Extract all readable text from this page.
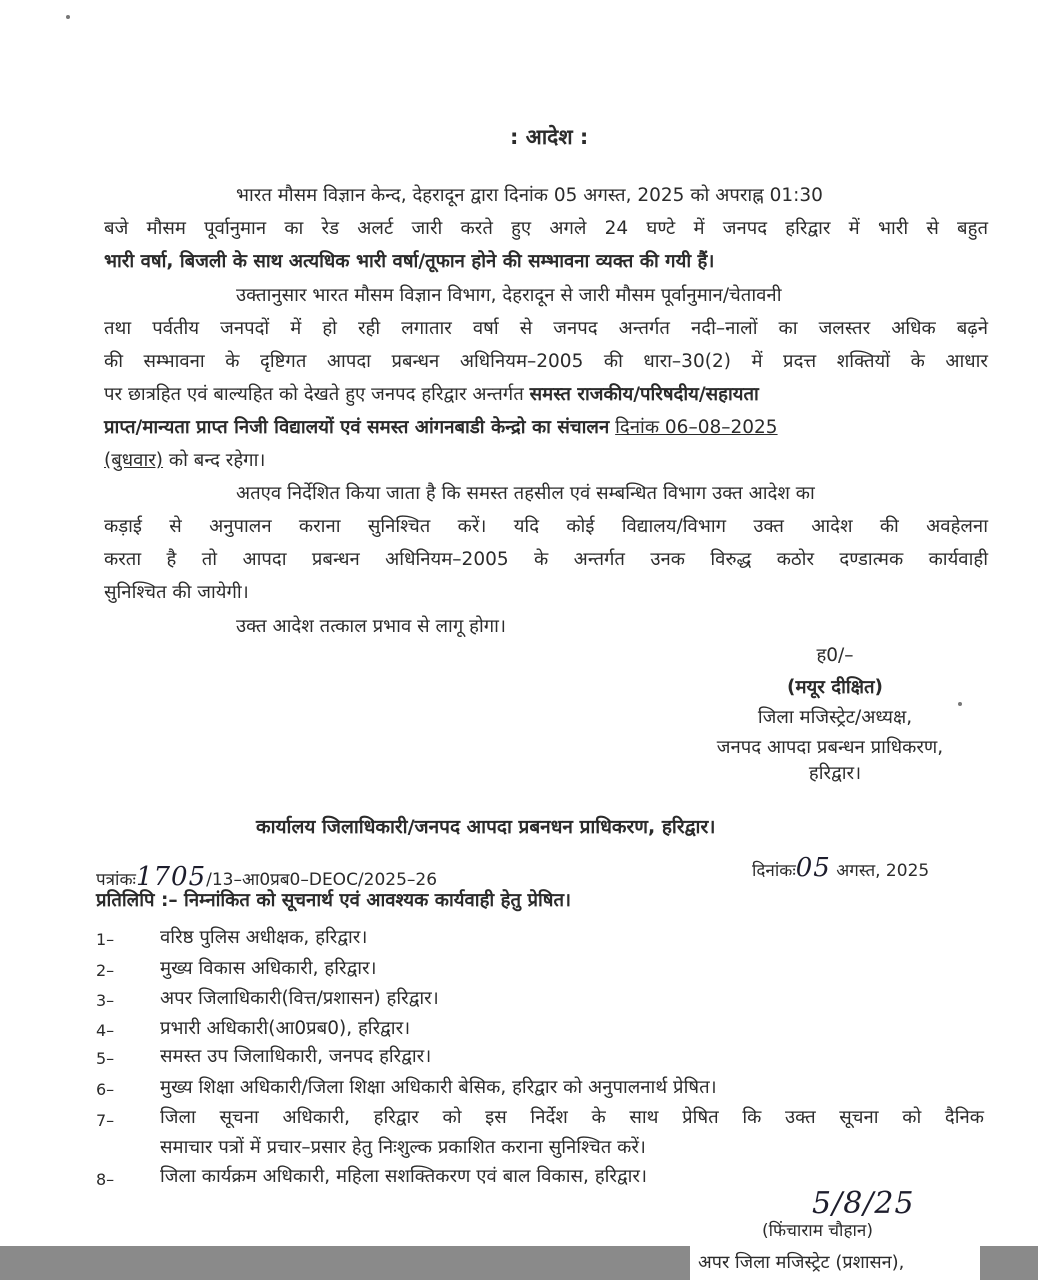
: आदेश :
भारत मौसम विज्ञान केन्द, देहरादून द्वारा दिनांक 05 अगस्त, 2025 को अपराह्न 01:30
बजे मौसम पूर्वानुमान का रेड अलर्ट जारी करते हुए अगले 24 घण्टे में जनपद हरिद्वार में भारी से बहुत
भारी वर्षा, बिजली के साथ अत्यधिक भारी वर्षा/तूफान होने की सम्भावना व्यक्त की गयी हैं।
उक्तानुसार भारत मौसम विज्ञान विभाग, देहरादून से जारी मौसम पूर्वानुमान/चेतावनी
तथा पर्वतीय जनपदों में हो रही लगातार वर्षा से जनपद अन्तर्गत नदी–नालों का जलस्तर अधिक बढ़ने
की सम्भावना के दृष्टिगत आपदा प्रबन्धन अधिनियम–2005 की धारा–30(2) में प्रदत्त शक्तियों के आधार
पर छात्रहित एवं बाल्यहित को देखते हुए जनपद हरिद्वार अन्तर्गत समस्त राजकीय/परिषदीय/सहायता
प्राप्त/मान्यता प्राप्त निजी विद्यालयों एवं समस्त आंगनबाडी केन्द्रो का संचालन दिनांक 06–08–2025
(बुधवार) को बन्द रहेगा।
अतएव निर्देशित किया जाता है कि समस्त तहसील एवं सम्बन्धित विभाग उक्त आदेश का
कड़ाई से अनुपालन कराना सुनिश्चित करें। यदि कोई विद्यालय/विभाग उक्त आदेश की अवहेलना
करता है तो आपदा प्रबन्धन अधिनियम–2005 के अन्तर्गत उनक विरुद्ध कठोर दण्डात्मक कार्यवाही
सुनिश्चित की जायेगी।
उक्त आदेश तत्काल प्रभाव से लागू होगा।
ह0/–
(मयूर दीक्षित)
जिला मजिस्ट्रेट/अध्यक्ष,
जनपद आपदा प्रबन्धन प्राधिकरण,
हरिद्वार।
कार्यालय जिलाधिकारी/जनपद आपदा प्रबनधन प्राधिकरण, हरिद्वार।
पत्रांकः1705/13–आ0प्रब0–DEOC/2025–26	दिनांकः05 अगस्त, 2025
प्रतिलिपि :– निम्नांकित को सूचनार्थ एवं आवश्यक कार्यवाही हेतु प्रेषित।
1– वरिष्ठ पुलिस अधीक्षक, हरिद्वार।
2– मुख्य विकास अधिकारी, हरिद्वार।
3– अपर जिलाधिकारी(वित्त/प्रशासन) हरिद्वार।
4– प्रभारी अधिकारी(आ0प्रब0), हरिद्वार।
5– समस्त उप जिलाधिकारी, जनपद हरिद्वार।
6– मुख्य शिक्षा अधिकारी/जिला शिक्षा अधिकारी बेसिक, हरिद्वार को अनुपालनार्थ प्रेषित।
7– जिला सूचना अधिकारी, हरिद्वार को इस निर्देश के साथ प्रेषित कि उक्त सूचना को दैनिक
समाचार पत्रों में प्रचार–प्रसार हेतु निःशुल्क प्रकाशित कराना सुनिश्चित करें।
8– जिला कार्यक्रम अधिकारी, महिला सशक्तिकरण एवं बाल विकास, हरिद्वार।
5/8/25
(फिंचाराम चौहान)
अपर जिला मजिस्ट्रेट (प्रशासन),
